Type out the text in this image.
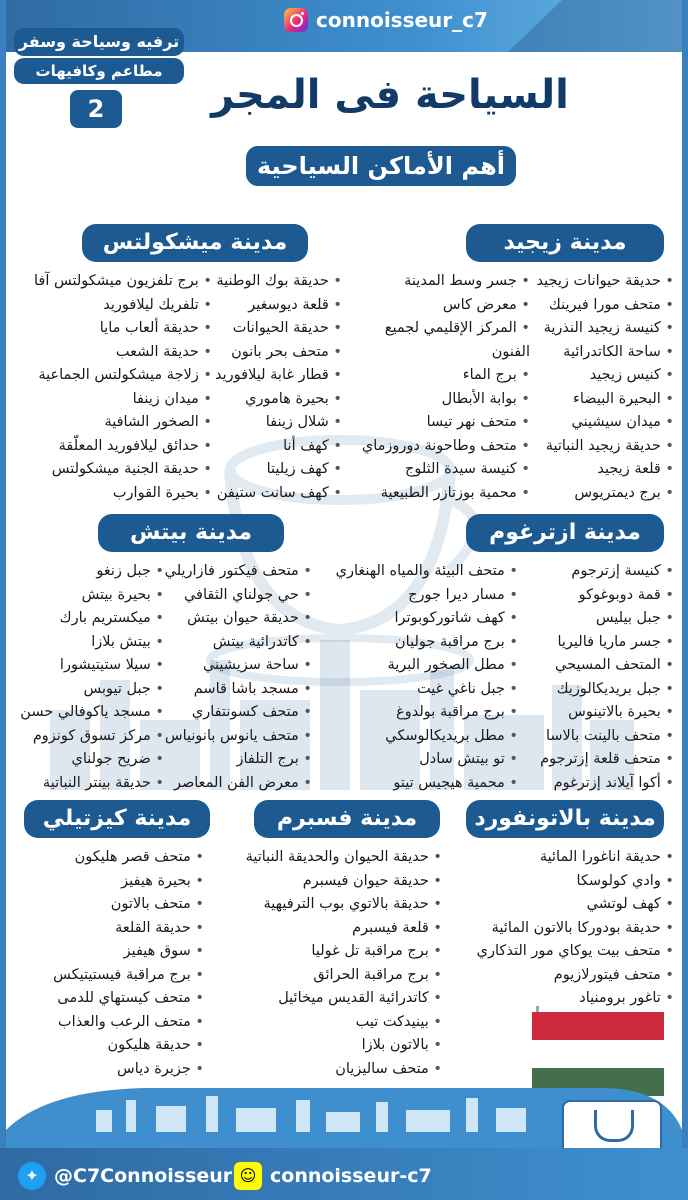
connoisseur_c7
ترفيه وسياحة وسفر
مطاعم وكافيهات
2	السياحة فى المجر
أهم الأماكن السياحية
مدينة زيجيد
• حديقة حيوانات زيجيد
• متحف مورا فيرينك
• كنيسة زيجيد النذرية
• ساحة الكاتدرائية
• كنيس زيجيد
• البحيرة البيضاء
• ميدان سيشيني
• حديقة زيجيد النباتية
• قلعة زيجيد
• برج ديمتريوس
• جسر وسط المدينة
• معرض كاس
• المركز الإقليمي لجميع
الفنون
• برج الماء
• بوابة الأبطال
• متحف نهر تيسا
• متحف وطاحونة دوروزماي
• كنيسة سيدة الثلوج
• محمية بوزتازر الطبيعية
مدينة ميشكولتس
• حديقة بوك الوطنية
• قلعة ديوسغير
• حديقة الحيوانات
• متحف بحر بانون
• قطار غابة ليلافوريد
• بحيرة هاموري
• شلال زينفا
• كهف أنا
• كهف زيليتا
• كهف سانت ستيفن
• برج تلفزيون ميشكولتس آفا
• تلفريك ليلافوريد
• حديقة ألعاب مايا
• حديقة الشعب
• زلاجة ميشكولتس الجماعية
• ميدان زينفا
• الصخور الشافية
• حدائق ليلافوريد المعلّقة
• حديقة الجنية ميشكولتس
• بحيرة القوارب
مدينة ازترغوم
• كنيسة إزترجوم
• قمة دوبوغوكو
• جبل بيليس
• جسر ماريا فاليريا
• المتحف المسيحي
• جبل بريديكالوزيك
• بحيرة بالاتينوس
• متحف بالينت بالاسا
• متحف قلعة إزترجوم
• أكوا آيلاند إزترغوم
• متحف البيئة والمياه الهنغاري
• مسار ديرا جورج
• كهف شاتوركوبوترا
• برج مراقبة جوليان
• مطل الصخور البرية
• جبل ناغي غيت
• برج مراقبة بولدوغ
• مطل بريديكالوسكي
• تو بيتش سادل
• محمية هيجيس تيتو
مدينة بيتش
• متحف فيكتور فازاريلي
• حي جولناي الثقافي
• حديقة حيوان بيتش
• كاتدرائية بيتش
• ساحة سزيشيني
• مسجد باشا قاسم
• متحف كسونتفاري
• متحف يانوس بانونياس
• برج التلفاز
• معرض الفن المعاصر
• جبل زنغو
• بحيرة بيتش
• ميكستريم بارك
• بيتش بلازا
• سيلا ستيتيشورا
• جبل تيوبس
• مسجد ياكوفالي حسن
• مركز تسوق كونزوم
• ضريح جولناي
• حديقة بينتر النباتية
مدينة بالاتونفورد
• حديقة اناغورا المائية
• وادي كولوسكا
• كهف لوتشي
• حديقة بودوركا بالاتون المائية
• متحف بيت يوكاي مور التذكاري
• متحف فيتورلازيوم
• تاغور برومنياد
مدينة فسبرم
• حديقة الحيوان والحديقة النباتية
• حديقة حيوان فيسبرم
• حديقة بالاتوي بوب الترفيهية
• قلعة فيسبرم
• برج مراقبة تل غوليا
• برج مراقبة الحرائق
• كاتدرائية القديس ميخائيل
• بينيدكت تيب
• بالاتون بلازا
• متحف ساليزيان
مدينة كيزتيلي
• متحف قصر هليكون
• بحيرة هيفيز
• متحف بالاتون
• حديقة القلعة
• سوق هيفيز
• برج مراقبة فيستيتيكس
• متحف كيستهاي للدمى
• متحف الرعب والعذاب
• حديقة هليكون
• جزيرة دياس
✦ @C7Connoisseur ☺ connoisseur-c7
